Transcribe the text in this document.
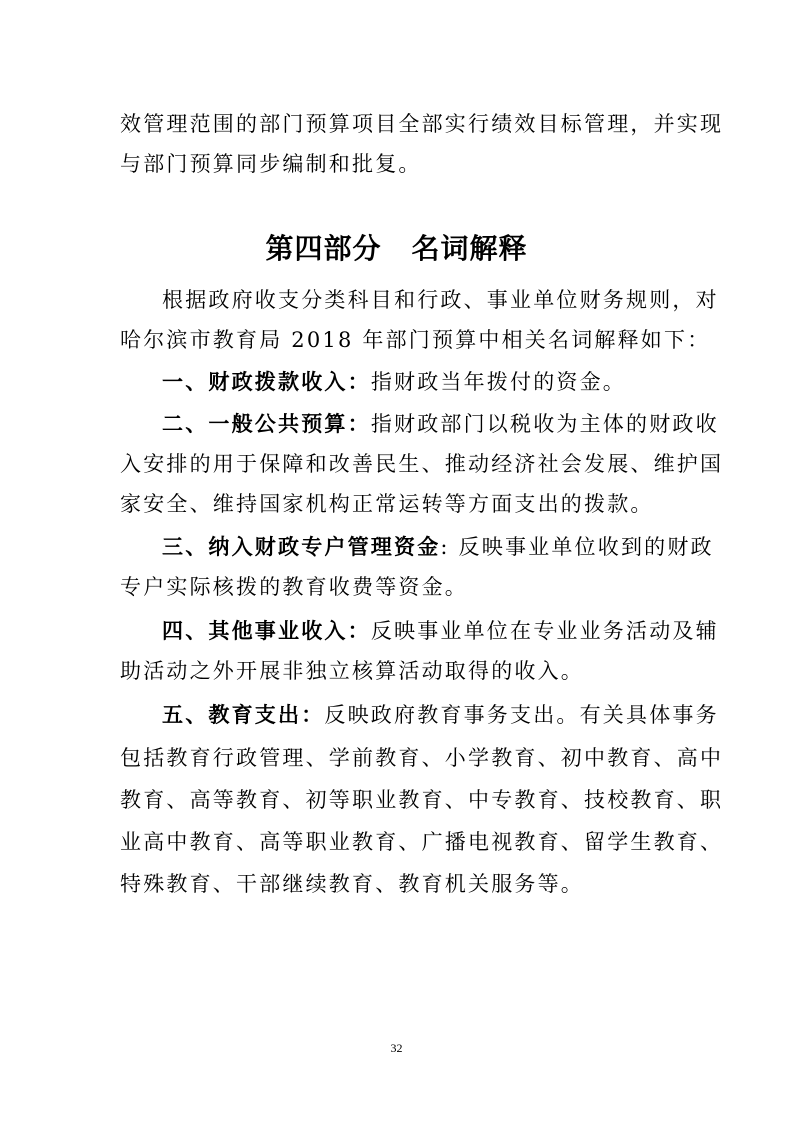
效管理范围的部门预算项目全部实行绩效目标管理，并实现
与部门预算同步编制和批复。
第四部分 名词解释
根据政府收支分类科目和行政、事业单位财务规则，对
哈尔滨市教育局 2018 年部门预算中相关名词解释如下：
一、财政拨款收入：指财政当年拨付的资金。
二、一般公共预算：指财政部门以税收为主体的财政收
入安排的用于保障和改善民生、推动经济社会发展、维护国
家安全、维持国家机构正常运转等方面支出的拨款。
三、纳入财政专户管理资金: 反映事业单位收到的财政
专户实际核拨的教育收费等资金。
四、其他事业收入：反映事业单位在专业业务活动及辅
助活动之外开展非独立核算活动取得的收入。
五、教育支出：反映政府教育事务支出。有关具体事务
包括教育行政管理、学前教育、小学教育、初中教育、高中
教育、高等教育、初等职业教育、中专教育、技校教育、职
业高中教育、高等职业教育、广播电视教育、留学生教育、
特殊教育、干部继续教育、教育机关服务等。
32
